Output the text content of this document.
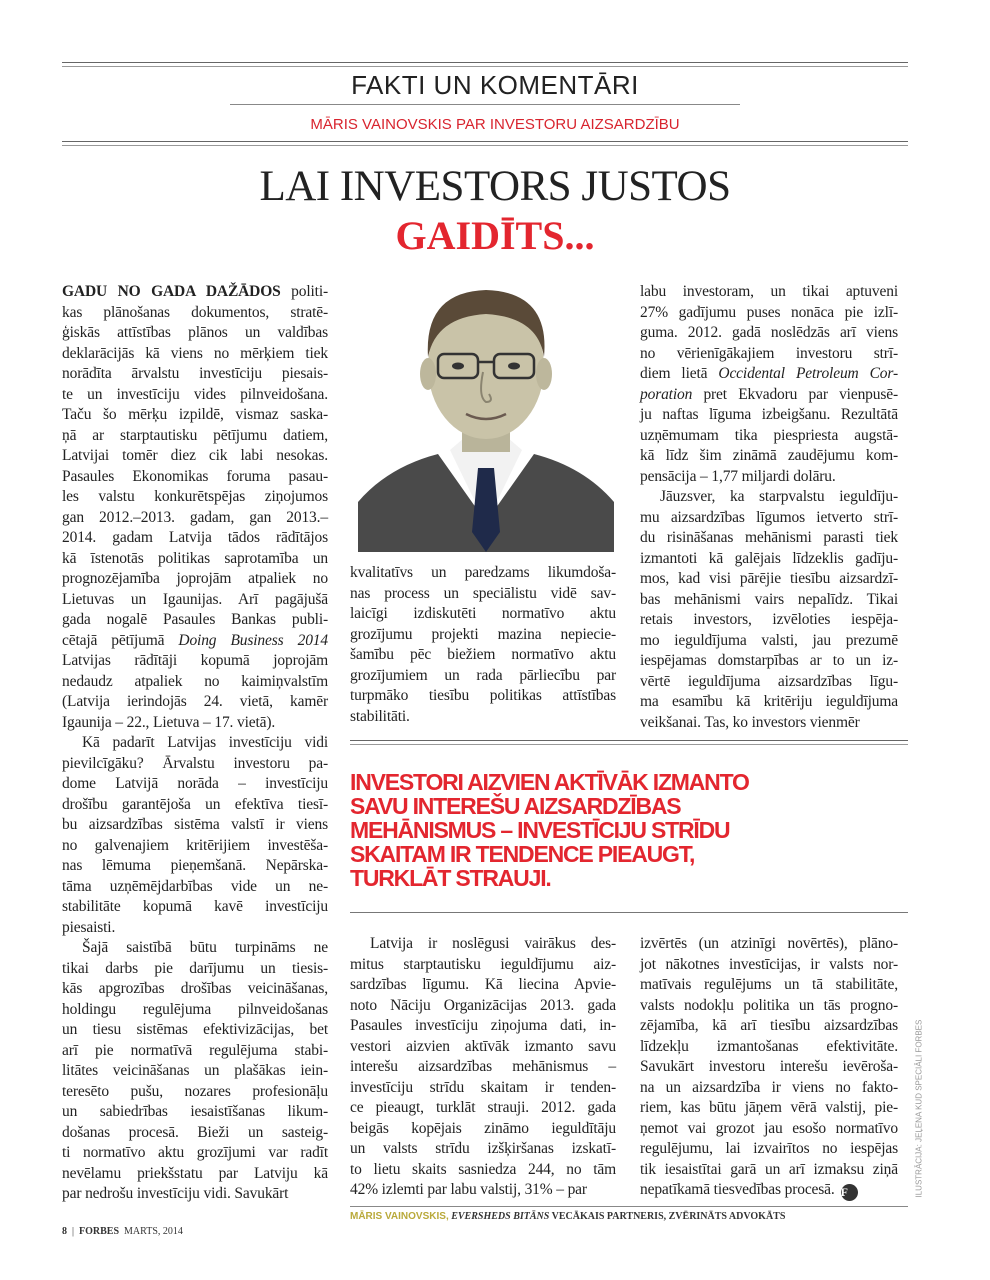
FAKTI UN KOMENTĀRI
MĀRIS VAINOVSKIS PAR INVESTORU AIZSARDZĪBU
LAI INVESTORS JUSTOS
GAIDĪTS...
GADU NO GADA DAŽĀDOS politi-
kas plānošanas dokumentos, stratē-
ģiskās attīstības plānos un valdības
deklarācijās kā viens no mērķiem tiek
norādīta ārvalstu investīciju piesais-
te un investīciju vides pilnveidošana.
Taču šo mērķu izpildē, vismaz saska-
ņā ar starptautisku pētījumu datiem,
Latvijai tomēr diez cik labi nesokas.
Pasaules Ekonomikas foruma pasau-
les valstu konkurētspējas ziņojumos
gan 2012.–2013. gadam, gan 2013.–
2014. gadam Latvija tādos rādītājos
kā īstenotās politikas saprotamība un
prognozējamība joprojām atpaliek no
Lietuvas un Igaunijas. Arī pagājušā
gada nogalē Pasaules Bankas publi-
cētajā pētījumā Doing Business 2014
Latvijas rādītāji kopumā joprojām
nedaudz atpaliek no kaimiņvalstīm
(Latvija ierindojās 24. vietā, kamēr
Igaunija – 22., Lietuva – 17. vietā).
Kā padarīt Latvijas investīciju vidi
pievilcīgāku? Ārvalstu investoru pa-
dome Latvijā norāda – investīciju
drošību garantējoša un efektīva tiesī-
bu aizsardzības sistēma valstī ir viens
no galvenajiem kritērijiem investēša-
nas lēmuma pieņemšanā. Nepārska-
tāma uzņēmējdarbības vide un ne-
stabilitāte kopumā kavē investīciju
piesaisti.
Šajā saistībā būtu turpināms ne
tikai darbs pie darījumu un tiesis-
kās apgrozības drošības veicināšanas,
holdingu regulējuma pilnveidošanas
un tiesu sistēmas efektivizācijas, bet
arī pie normatīvā regulējuma stabi-
litātes veicināšanas un plašākas iein-
teresēto pušu, nozares profesionāļu
un sabiedrības iesaistīšanas likum-
došanas procesā. Bieži un sasteig-
ti normatīvo aktu grozījumi var radīt
nevēlamu priekšstatu par Latviju kā
par nedrošu investīciju vidi. Savukārt
kvalitatīvs un paredzams likumdoša-
nas process un speciālistu vidē sav-
laicīgi izdiskutēti normatīvo aktu
grozījumu projekti mazina nepiecie-
šamību pēc biežiem normatīvo aktu
grozījumiem un rada pārliecību par
turpmāko tiesību politikas attīstības
stabilitāti.
labu investoram, un tikai aptuveni
27% gadījumu puses nonāca pie izlī-
guma. 2012. gadā noslēdzās arī viens
no vērienīgākajiem investoru strī-
diem lietā Occidental Petroleum Cor-
poration pret Ekvadoru par vienpusē-
ju naftas līguma izbeigšanu. Rezultātā
uzņēmumam tika piespriesta augstā-
kā līdz šim zināmā zaudējumu kom-
pensācija – 1,77 miljardi dolāru.
Jāuzsver, ka starpvalstu ieguldīju-
mu aizsardzības līgumos ietverto strī-
du risināšanas mehānismi parasti tiek
izmantoti kā galējais līdzeklis gadīju-
mos, kad visi pārējie tiesību aizsardzī-
bas mehānismi vairs nepalīdz. Tikai
retais investors, izvēloties iespēja-
mo ieguldījuma valsti, jau prezumē
iespējamas domstarpības ar to un iz-
vērtē ieguldījuma aizsardzības līgu-
ma esamību kā kritēriju ieguldījuma
veikšanai. Tas, ko investors vienmēr
INVESTORI AIZVIEN AKTĪVĀK IZMANTO
SAVU INTEREŠU AIZSARDZĪBAS
MEHĀNISMUS – INVESTĪCIJU STRĪDU
SKAITAM IR TENDENCE PIEAUGT,
TURKLĀT STRAUJI.
Latvija ir noslēgusi vairākus des-
mitus starptautisku ieguldījumu aiz-
sardzības līgumu. Kā liecina Apvie-
noto Nāciju Organizācijas 2013. gada
Pasaules investīciju ziņojuma dati, in-
vestori aizvien aktīvāk izmanto savu
interešu aizsardzības mehānismus –
investīciju strīdu skaitam ir tenden-
ce pieaugt, turklāt strauji. 2012. gada
beigās kopējais zināmo ieguldītāju
un valsts strīdu izšķiršanas izskatī-
to lietu skaits sasniedza 244, no tām
42% izlemti par labu valstij, 31% – par
izvērtēs (un atzinīgi novērtēs), plāno-
jot nākotnes investīcijas, ir valsts nor-
matīvais regulējums un tā stabilitāte,
valsts nodokļu politika un tās progno-
zējamība, kā arī tiesību aizsardzības
līdzekļu izmantošanas efektivitāte.
Savukārt investoru interešu ievēroša-
na un aizsardzība ir viens no fakto-
riem, kas būtu jāņem vērā valstij, pie-
ņemot vai grozot jau esošo normatīvo
regulējumu, lai izvairītos no iespējas
tik iesaistītai garā un arī izmaksu ziņā
nepatīkamā tiesvedības procesā. F	ILUSTRĀCIJA: JEĻENA KUD SPECIĀLI FORBES
MĀRIS VAINOVSKIS, EVERSHEDS BITĀNS VECĀKAIS PARTNERIS, ZVĒRINĀTS ADVOKĀTS
8 | FORBES MARTS, 2014
